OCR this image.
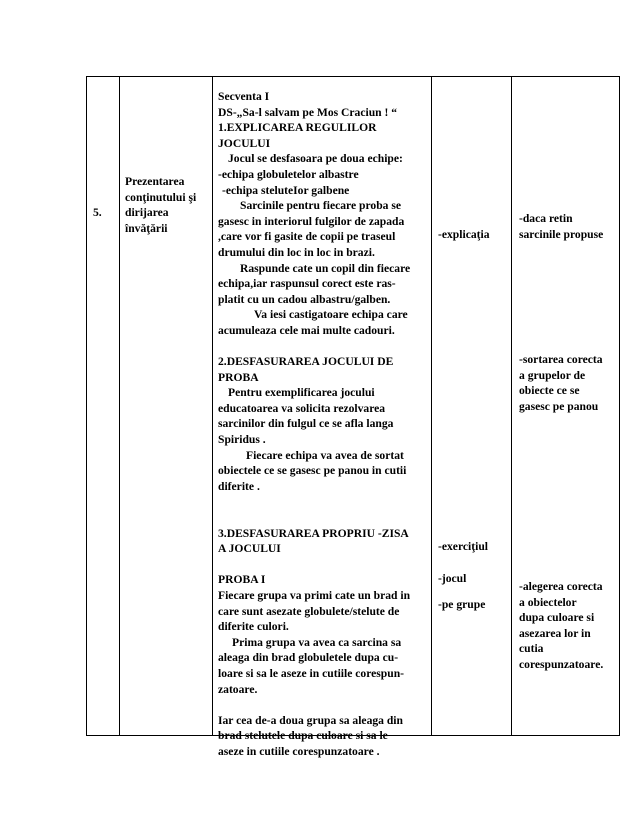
5.
Prezentarea
conţinutului şi
dirijarea
învăţării
Secventa I
DS-„Sa-l salvam pe Mos Craciun ! “
1.EXPLICAREA REGULILOR
JOCULUI
Jocul se desfasoara pe doua echipe:
-echipa globuletelor albastre
-echipa steluteIor galbene
Sarcinile pentru fiecare proba se
gasesc in interiorul fulgilor de zapada
,care vor fi gasite de copii pe traseul
drumului din loc in loc in brazi.
Raspunde cate un copil din fiecare
echipa,iar raspunsul corect este ras-
platit cu un cadou albastru/galben.
Va iesi castigatoare echipa care
acumuleaza cele mai multe cadouri.
2.DESFASURAREA JOCULUI DE
PROBA
Pentru exemplificarea jocului
educatoarea va solicita rezolvarea
sarcinilor din fulgul ce se afla langa
Spiridus .
Fiecare echipa va avea de sortat
obiectele ce se gasesc pe panou in cutii
diferite .
3.DESFASURAREA PROPRIU -ZISA
A JOCULUI
PROBA I
Fiecare grupa va primi cate un brad in
care sunt asezate globulete/stelute de
diferite culori.
Prima grupa va avea ca sarcina sa
aleaga din brad globuletele dupa cu-
loare si sa le aseze in cutiile corespun-
zatoare.
Iar cea de-a doua grupa sa aleaga din
brad stelutele dupa culoare si sa le
aseze in cutiile corespunzatoare .
-explicaţia
-exerciţiul
-jocul
-pe grupe
-daca retin
sarcinile propuse
-sortarea corecta
a grupelor de
obiecte ce se
gasesc pe panou
-alegerea corecta
a obiectelor
dupa culoare si
asezarea lor in
cutia
corespunzatoare.
